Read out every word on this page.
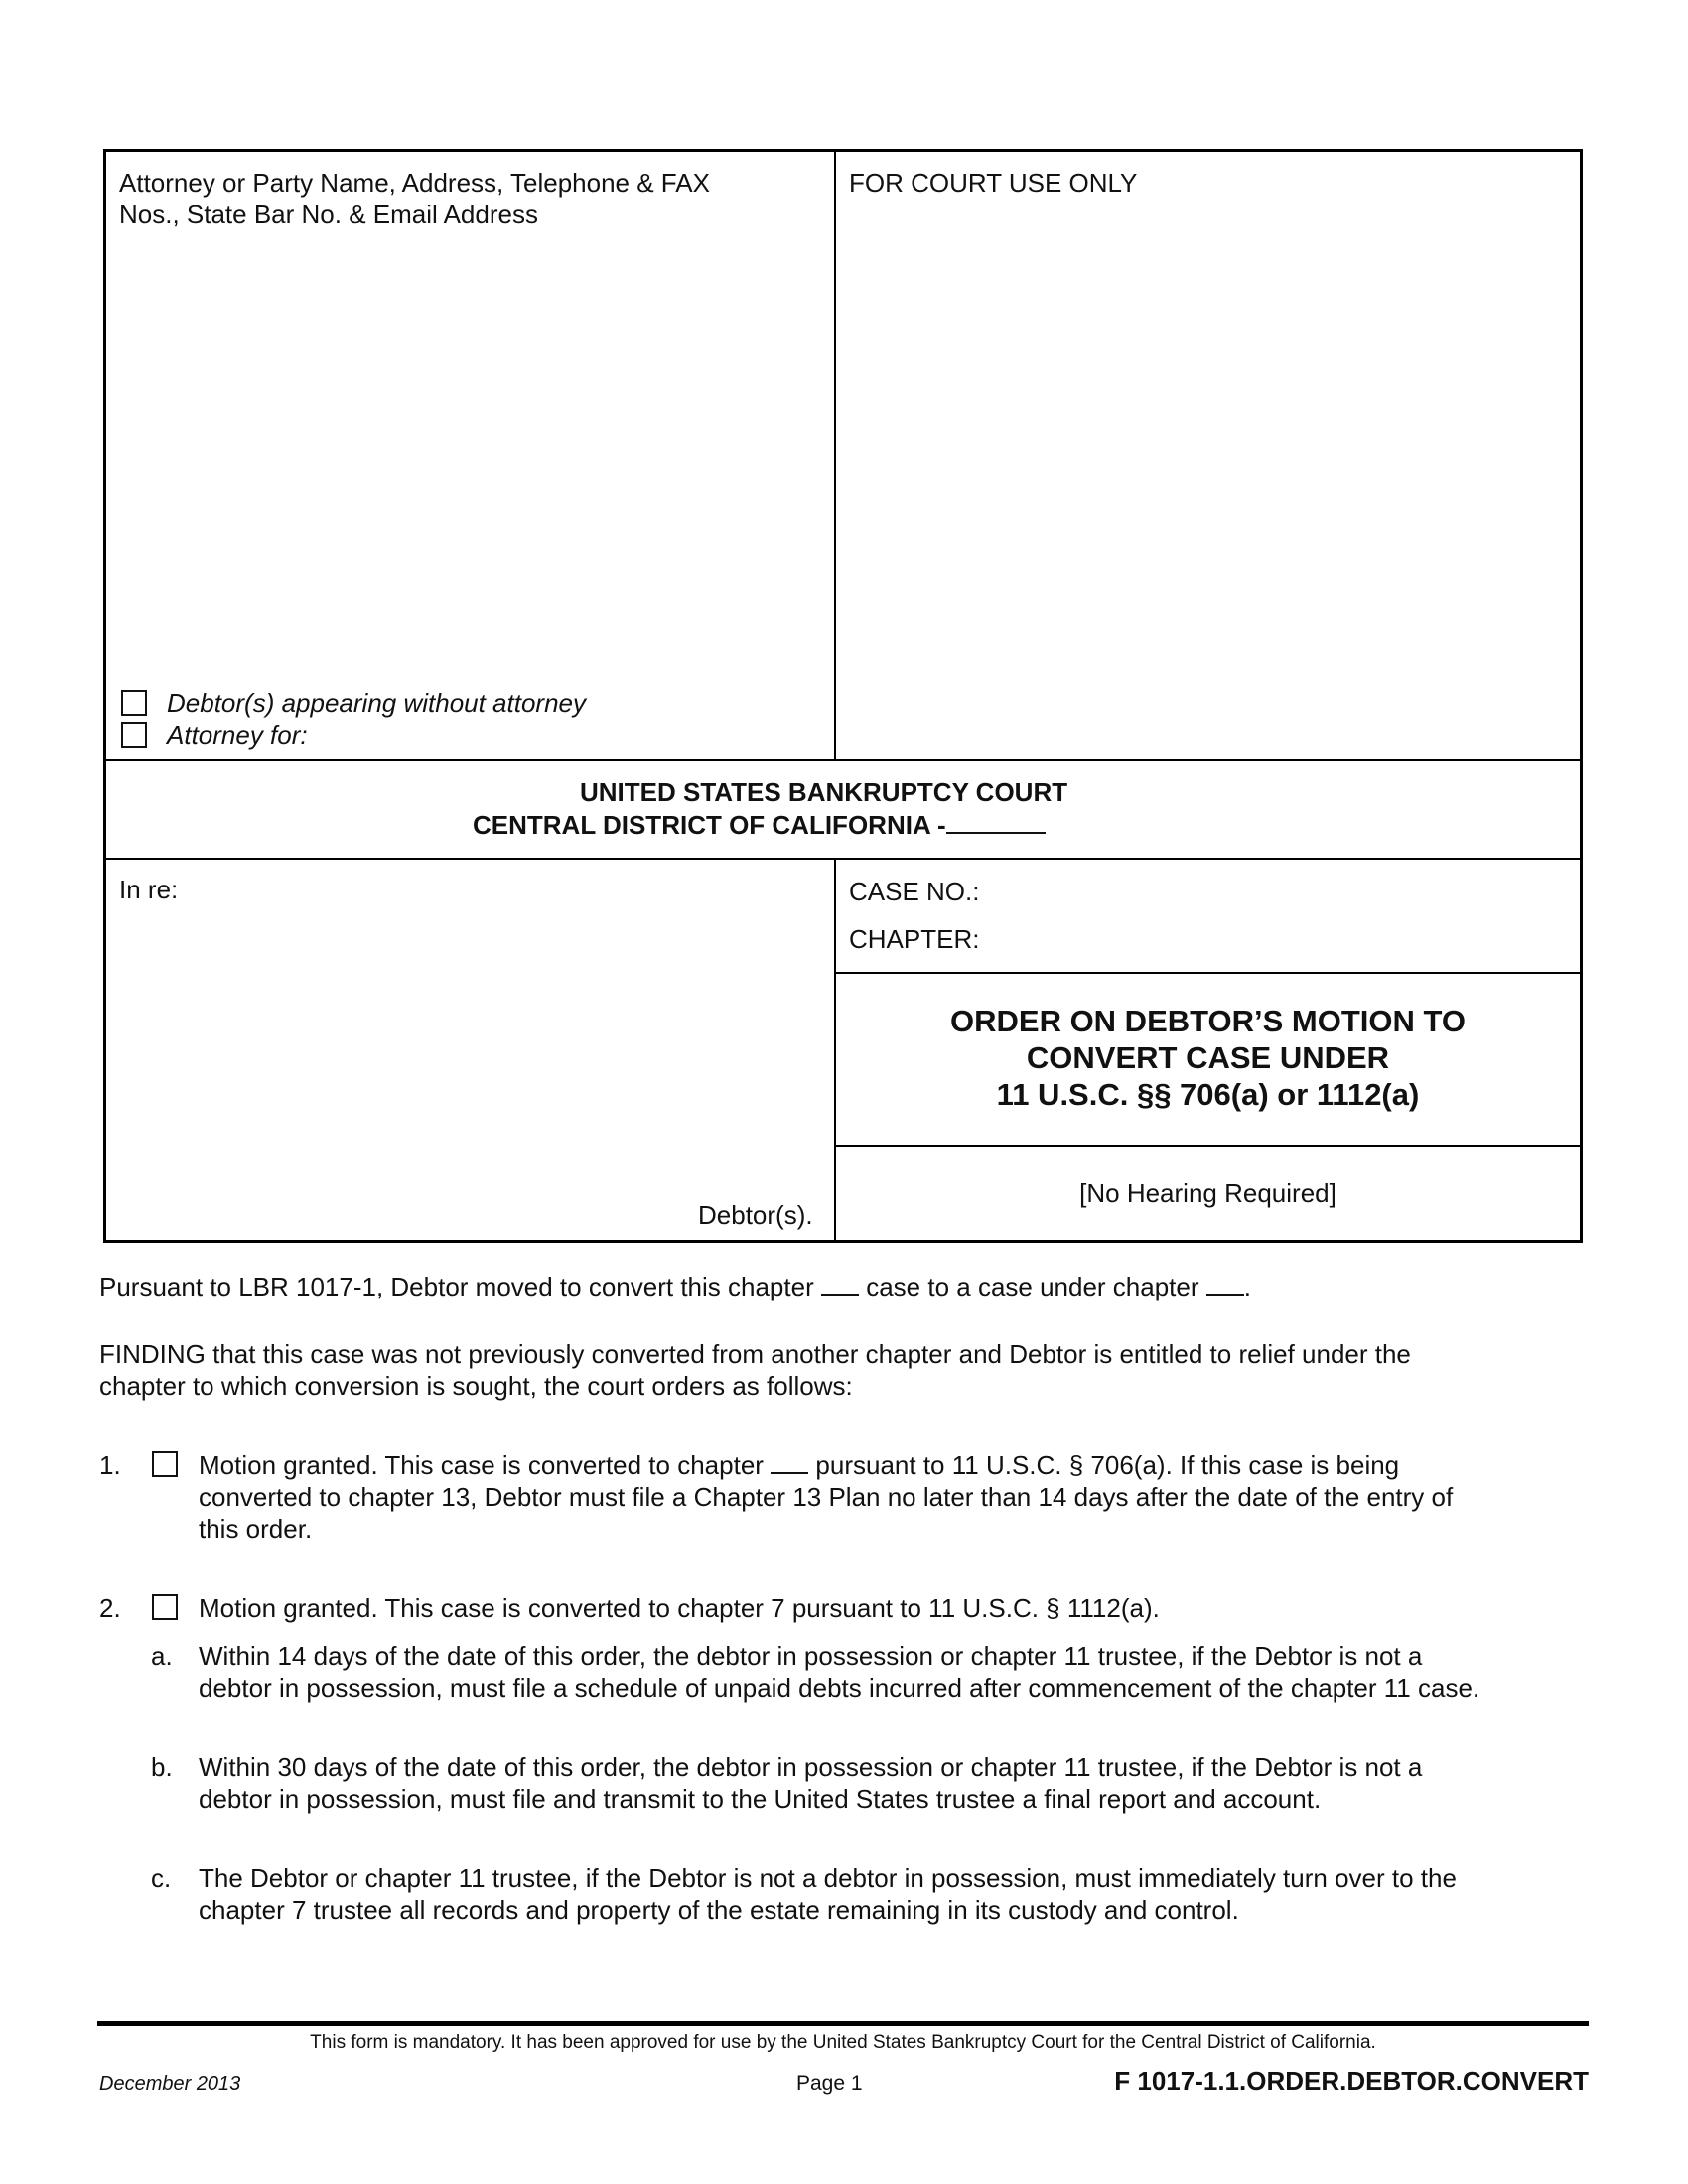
Attorney or Party Name, Address, Telephone & FAX
Nos., State Bar No. & Email Address
Debtor(s) appearing without attorney
Attorney for:
FOR COURT USE ONLY
UNITED STATES BANKRUPTCY COURT
CENTRAL DISTRICT OF CALIFORNIA -
In re:
Debtor(s).
CASE NO.:
CHAPTER:
ORDER ON DEBTOR’S MOTION TO
CONVERT CASE UNDER
11 U.S.C. §§ 706(a) or 1112(a)
[No Hearing Required]
Pursuant to LBR 1017-1, Debtor moved to convert this chapter case to a case under chapter .
FINDING that this case was not previously converted from another chapter and Debtor is entitled to relief under the
chapter to which conversion is sought, the court orders as follows:
1.	Motion granted. This case is converted to chapter pursuant to 11 U.S.C. § 706(a). If this case is being
converted to chapter 13, Debtor must file a Chapter 13 Plan no later than 14 days after the date of the entry of
this order.
2.	Motion granted. This case is converted to chapter 7 pursuant to 11 U.S.C. § 1112(a).
a. Within 14 days of the date of this order, the debtor in possession or chapter 11 trustee, if the Debtor is not a
debtor in possession, must file a schedule of unpaid debts incurred after commencement of the chapter 11 case.
b. Within 30 days of the date of this order, the debtor in possession or chapter 11 trustee, if the Debtor is not a
debtor in possession, must file and transmit to the United States trustee a final report and account.
c. The Debtor or chapter 11 trustee, if the Debtor is not a debtor in possession, must immediately turn over to the
chapter 7 trustee all records and property of the estate remaining in its custody and control.
This form is mandatory. It has been approved for use by the United States Bankruptcy Court for the Central District of California.
December 2013	Page 1	F 1017-1.1.ORDER.DEBTOR.CONVERT
